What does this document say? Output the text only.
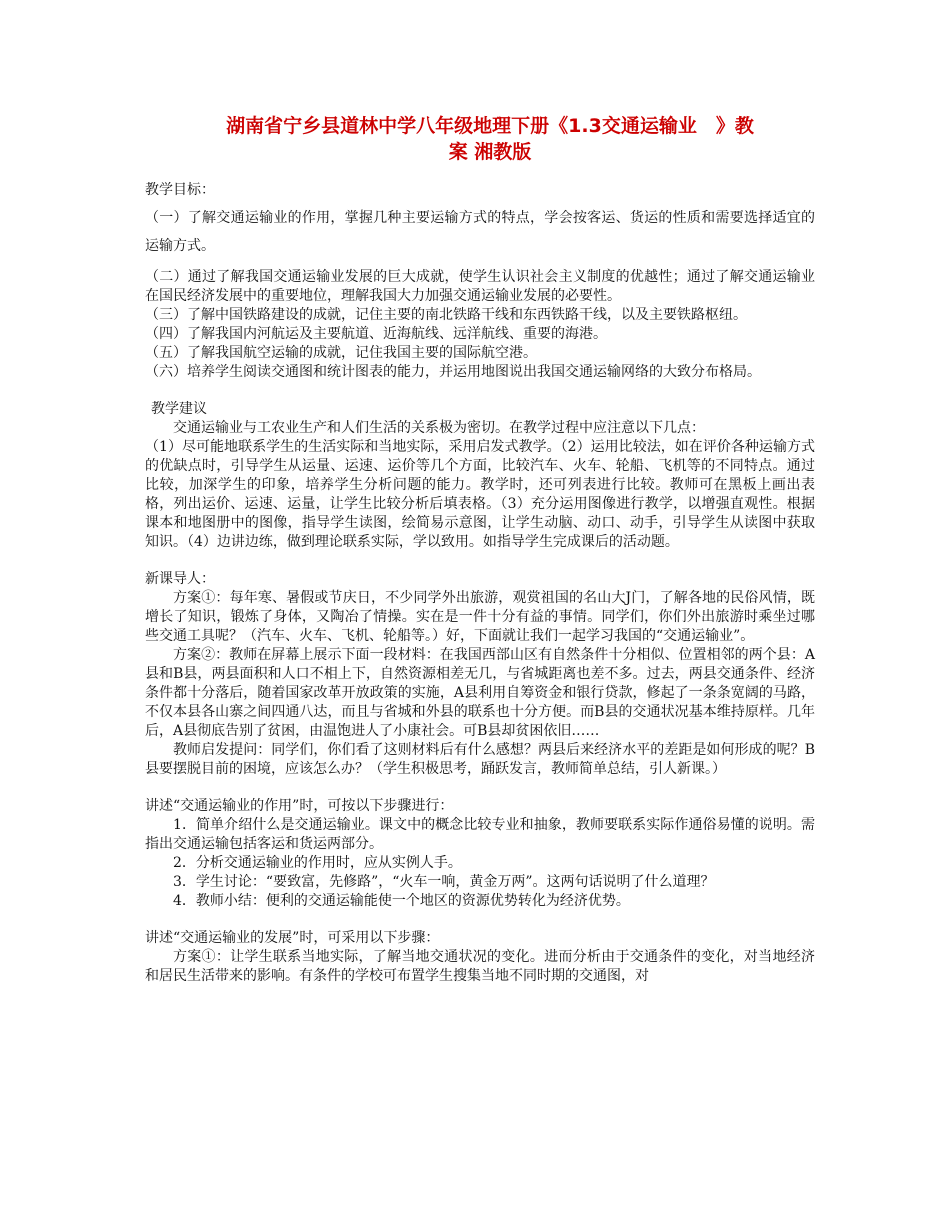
湖南省宁乡县道林中学八年级地理下册《1.3交通运输业　》教
案 湘教版

教学目标：

（一）了解交通运输业的作用，掌握几种主要运输方式的特点，学会按客运、货运的性质和需要选择适宜的运输方式。

（二）通过了解我国交通运输业发展的巨大成就，使学生认识社会主义制度的优越性；通过了解交通运输业在国民经济发展中的重要地位，理解我国大力加强交通运输业发展的必要性。

（三）了解中国铁路建设的成就，记住主要的南北铁路干线和东西铁路干线，以及主要铁路枢纽。

（四）了解我国内河航运及主要航道、近海航线、远洋航线、重要的海港。

（五）了解我国航空运输的成就，记住我国主要的国际航空港。

（六）培养学生阅读交通图和统计图表的能力，并运用地图说出我国交通运输网络的大致分布格局。

教学建议

交通运输业与工农业生产和人们生活的关系极为密切。在教学过程中应注意以下几点：

（1）尽可能地联系学生的生活实际和当地实际，采用启发式教学。（2）运用比较法，如在评价各种运输方式的优缺点时，引导学生从运量、运速、运价等几个方面，比较汽车、火车、轮船、飞机等的不同特点。通过比较，加深学生的印象，培养学生分析问题的能力。教学时，还可列表进行比较。教师可在黑板上画出表格，列出运价、运速、运量，让学生比较分析后填表格。（3）充分运用图像进行教学，以增强直观性。根据课本和地图册中的图像，指导学生读图，绘简易示意图，让学生动脑、动口、动手，引导学生从读图中获取知识。（4）边讲边练，做到理论联系实际，学以致用。如指导学生完成课后的活动题。

新课导人：

方案①：每年寒、暑假或节庆日，不少同学外出旅游，观赏祖国的名山大J门，了解各地的民俗风情，既增长了知识，锻炼了身体，又陶冶了情操。实在是一件十分有益的事情。同学们，你们外出旅游时乘坐过哪些交通工具呢？（汽车、火车、飞机、轮船等。）好，下面就让我们一起学习我国的“交通运输业”。

方案②：教师在屏幕上展示下面一段材料：在我国西部山区有自然条件十分相似、位置相邻的两个县：A县和B县，两县面积和人口不相上下，自然资源相差无几，与省城距离也差不多。过去，两县交通条件、经济条件都十分落后，随着国家改革开放政策的实施，A县利用自筹资金和银行贷款，修起了一条条宽阔的马路，不仅本县各山寨之间四通八达，而且与省城和外县的联系也十分方便。而B县的交通状况基本维持原样。几年后，A县彻底告别了贫困，由温饱进人了小康社会。可B县却贫困依旧……

教师启发提问：同学们，你们看了这则材料后有什么感想？两县后来经济水平的差距是如何形成的呢？B县要摆脱目前的困境，应该怎么办？（学生积极思考，踊跃发言，教师简单总结，引人新课。）

讲述“交通运输业的作用”时，可按以下步骤进行：

1．简单介绍什么是交通运输业。课文中的概念比较专业和抽象，教师要联系实际作通俗易懂的说明。需指出交通运输包括客运和货运两部分。

2．分析交通运输业的作用时，应从实例人手。

3．学生讨论：“要致富，先修路”，“火车一响，黄金万两”。这两句话说明了什么道理？

4．教师小结：便利的交通运输能使一个地区的资源优势转化为经济优势。

讲述“交通运输业的发展”时，可采用以下步骤：

方案①：让学生联系当地实际，了解当地交通状况的变化。进而分析由于交通条件的变化，对当地经济和居民生活带来的影响。有条件的学校可布置学生搜集当地不同时期的交通图，对
